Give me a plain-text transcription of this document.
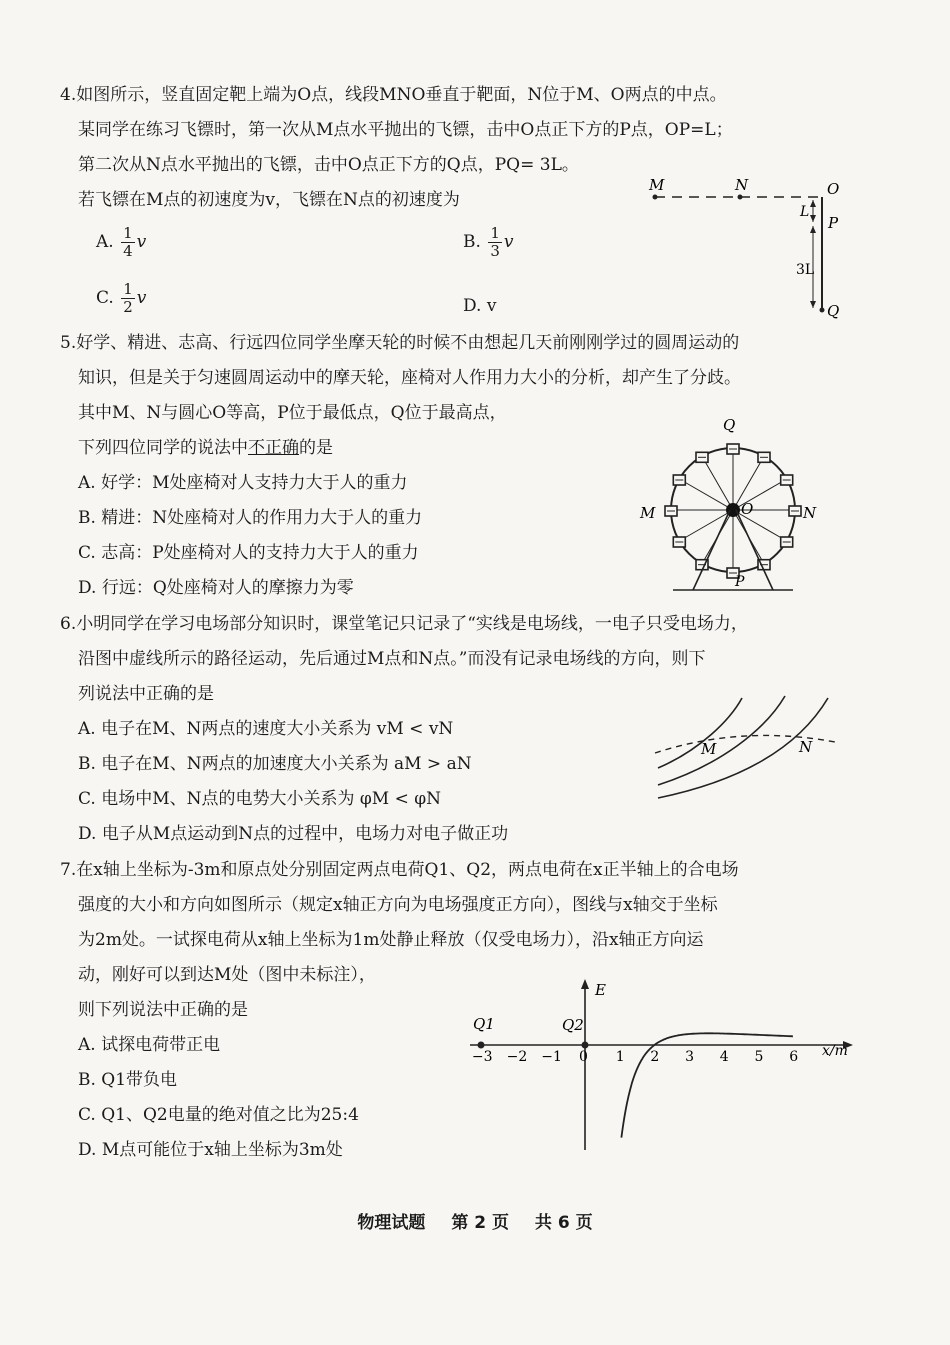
4.如图所示，竖直固定靶上端为O点，线段MNO垂直于靶面，N位于M、O两点的中点。
某同学在练习飞镖时，第一次从M点水平抛出的飞镖，击中O点正下方的P点，OP=L；
第二次从N点水平抛出的飞镖，击中O点正下方的Q点，PQ= 3L。
若飞镖在M点的初速度为v，飞镖在N点的初速度为
A. $\frac{1}{4}$ v	B. $\frac{1}{3}$ v
C. $\frac{1}{2}$ v	D. v
M	N	O
P
Q
L
3L
5.好学、精进、志高、行远四位同学坐摩天轮的时候不由想起几天前刚刚学过的圆周运动的
知识，但是关于匀速圆周运动中的摩天轮，座椅对人作用力大小的分析，却产生了分歧。
其中M、N与圆心O等高，P位于最低点，Q位于最高点，
下列四位同学的说法中不正确的是
A. 好学：M处座椅对人支持力大于人的重力
B. 精进：N处座椅对人的作用力大于人的重力
C. 志高：P处座椅对人的支持力大于人的重力
D. 行远：Q处座椅对人的摩擦力为零
Q
M	N
O
P
6.小明同学在学习电场部分知识时，课堂笔记只记录了“实线是电场线，一电子只受电场力，
沿图中虚线所示的路径运动，先后通过M点和N点。”而没有记录电场线的方向，则下
列说法中正确的是
A. 电子在M、N两点的速度大小关系为 vM < vN
B. 电子在M、N两点的加速度大小关系为 aM > aN
C. 电场中M、N点的电势大小关系为 φM < φN
D. 电子从M点运动到N点的过程中，电场力对电子做正功
M	N
7.在x轴上坐标为-3m和原点处分别固定两点电荷Q1、Q2，两点电荷在x正半轴上的合电场
强度的大小和方向如图所示（规定x轴正方向为电场强度正方向），图线与x轴交于坐标
为2m处。一试探电荷从x轴上坐标为1m处静止释放（仅受电场力），沿x轴正方向运
动，刚好可以到达M处（图中未标注），
则下列说法中正确的是
A. 试探电荷带正电
B. Q1带负电
C. Q1、Q2电量的绝对值之比为25:4
D. M点可能位于x轴上坐标为3m处
−3 −2 −1 0 1 2 3 4 5 6
E
x/m
Q1	Q2
物理试题 第 2 页 共 6 页
